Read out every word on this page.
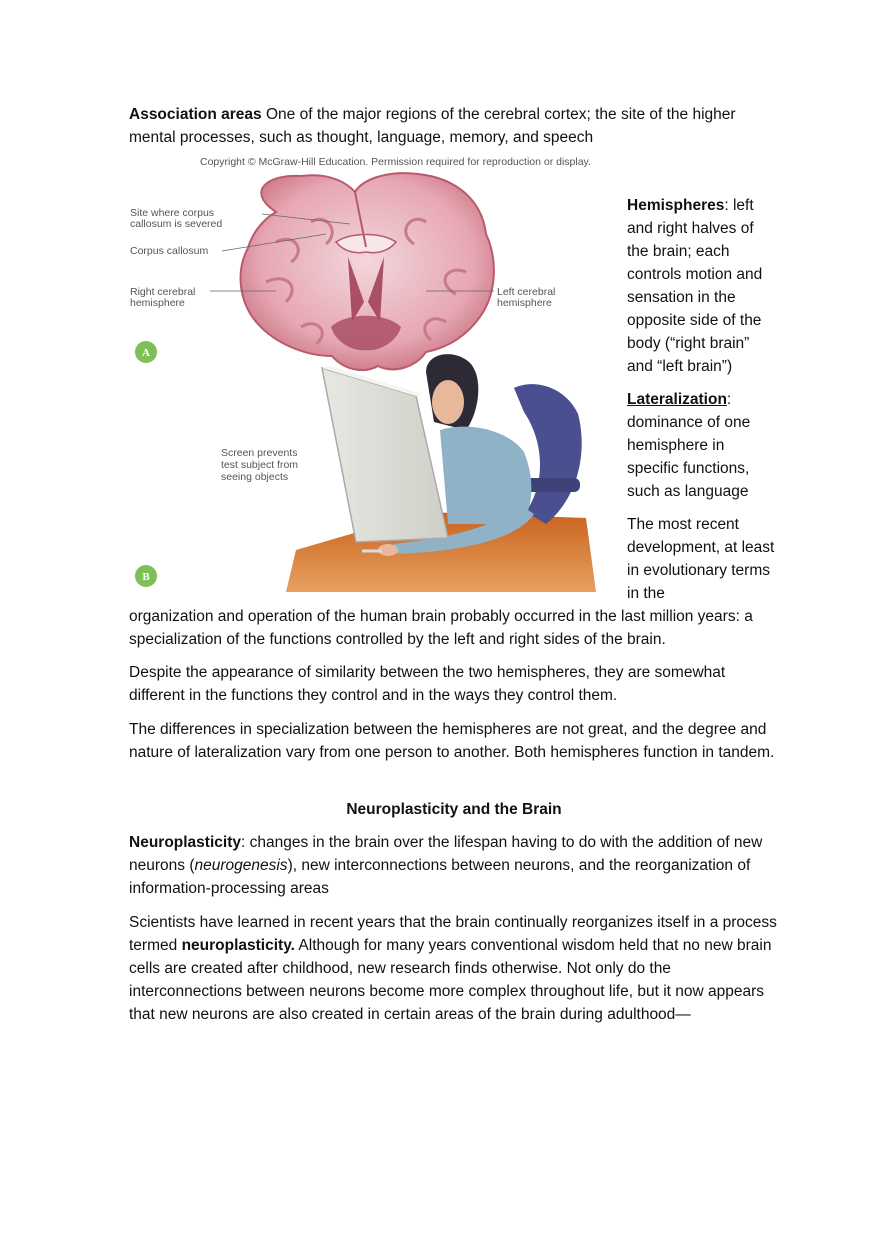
Association areas One of the major regions of the cerebral cortex; the site of the higher mental processes, such as thought, language, memory, and speech

Copyright © McGraw-Hill Education. Permission required for reproduction or display.
Site where corpus
callosum is severed
Corpus callosum
Right cerebral
hemisphere
Left cerebral
hemisphere
A
Screen prevents
test subject from
seeing objects
B

Hemispheres: left and right halves of the brain; each controls motion and sensation in the opposite side of the body (“right brain” and “left brain”)

Lateralization: dominance of one hemisphere in specific functions, such as language

The most recent development, at least in evolutionary terms in the

organization and operation of the human brain probably occurred in the last million years: a specialization of the functions controlled by the left and right sides of the brain.

Despite the appearance of similarity between the two hemispheres, they are somewhat different in the functions they control and in the ways they control them.

The differences in specialization between the hemispheres are not great, and the degree and nature of lateralization vary from one person to another. Both hemispheres function in tandem.

Neuroplasticity and the Brain

Neuroplasticity: changes in the brain over the lifespan having to do with the addition of new neurons (neurogenesis), new interconnections between neurons, and the reorganization of information-processing areas

Scientists have learned in recent years that the brain continually reorganizes itself in a process termed neuroplasticity. Although for many years conventional wisdom held that no new brain cells are created after childhood, new research finds otherwise. Not only do the interconnections between neurons become more complex throughout life, but it now appears that new neurons are also created in certain areas of the brain during adulthood—
